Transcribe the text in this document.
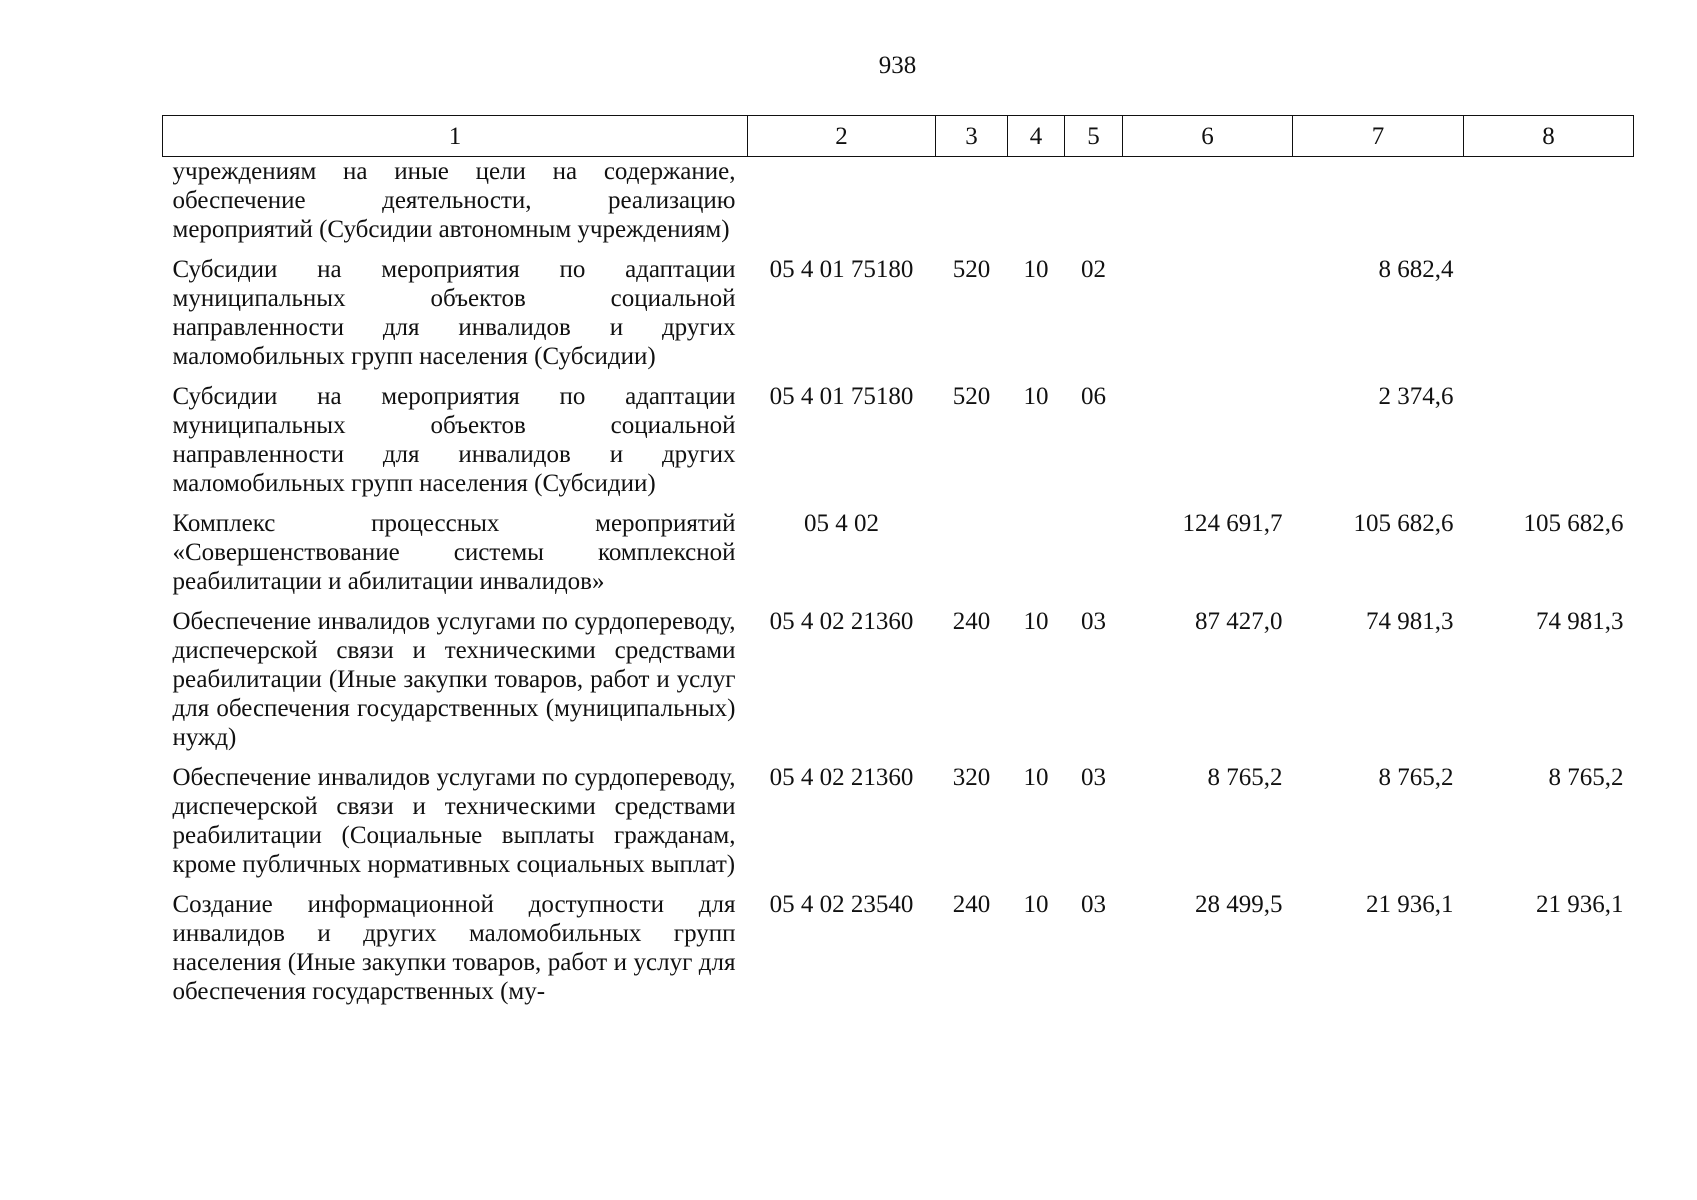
938
1	2	3	4	5	6	7	8
учреждениям на иные цели на содержание, обеспечение деятельности, реализацию мероприятий (Субсидии автономным учреждениям)							
Субсидии на мероприятия по адаптации муниципальных объектов социальной направленности для инвалидов и других маломобильных групп населения (Субсидии)	05 4 01 75180	520	10	02		8 682,4	
Субсидии на мероприятия по адаптации муниципальных объектов социальной направленности для инвалидов и других маломобильных групп населения (Субсидии)	05 4 01 75180	520	10	06		2 374,6	
Комплекс процессных мероприятий «Совершенствование системы комплексной реабилитации и абилитации инвалидов»	05 4 02				124 691,7	105 682,6	105 682,6
Обеспечение инвалидов услугами по сурдопереводу, диспечерской связи и техническими средствами реабилитации (Иные закупки товаров, работ и услуг для обеспечения государственных (муниципальных) нужд)	05 4 02 21360	240	10	03	87 427,0	74 981,3	74 981,3
Обеспечение инвалидов услугами по сурдопереводу, диспечерской связи и техническими средствами реабилитации (Социальные выплаты гражданам, кроме публичных нормативных социальных выплат)	05 4 02 21360	320	10	03	8 765,2	8 765,2	8 765,2
Создание информационной доступности для инвалидов и других маломобильных групп населения (Иные закупки товаров, работ и услуг для обеспечения государственных (му-	05 4 02 23540	240	10	03	28 499,5	21 936,1	21 936,1
